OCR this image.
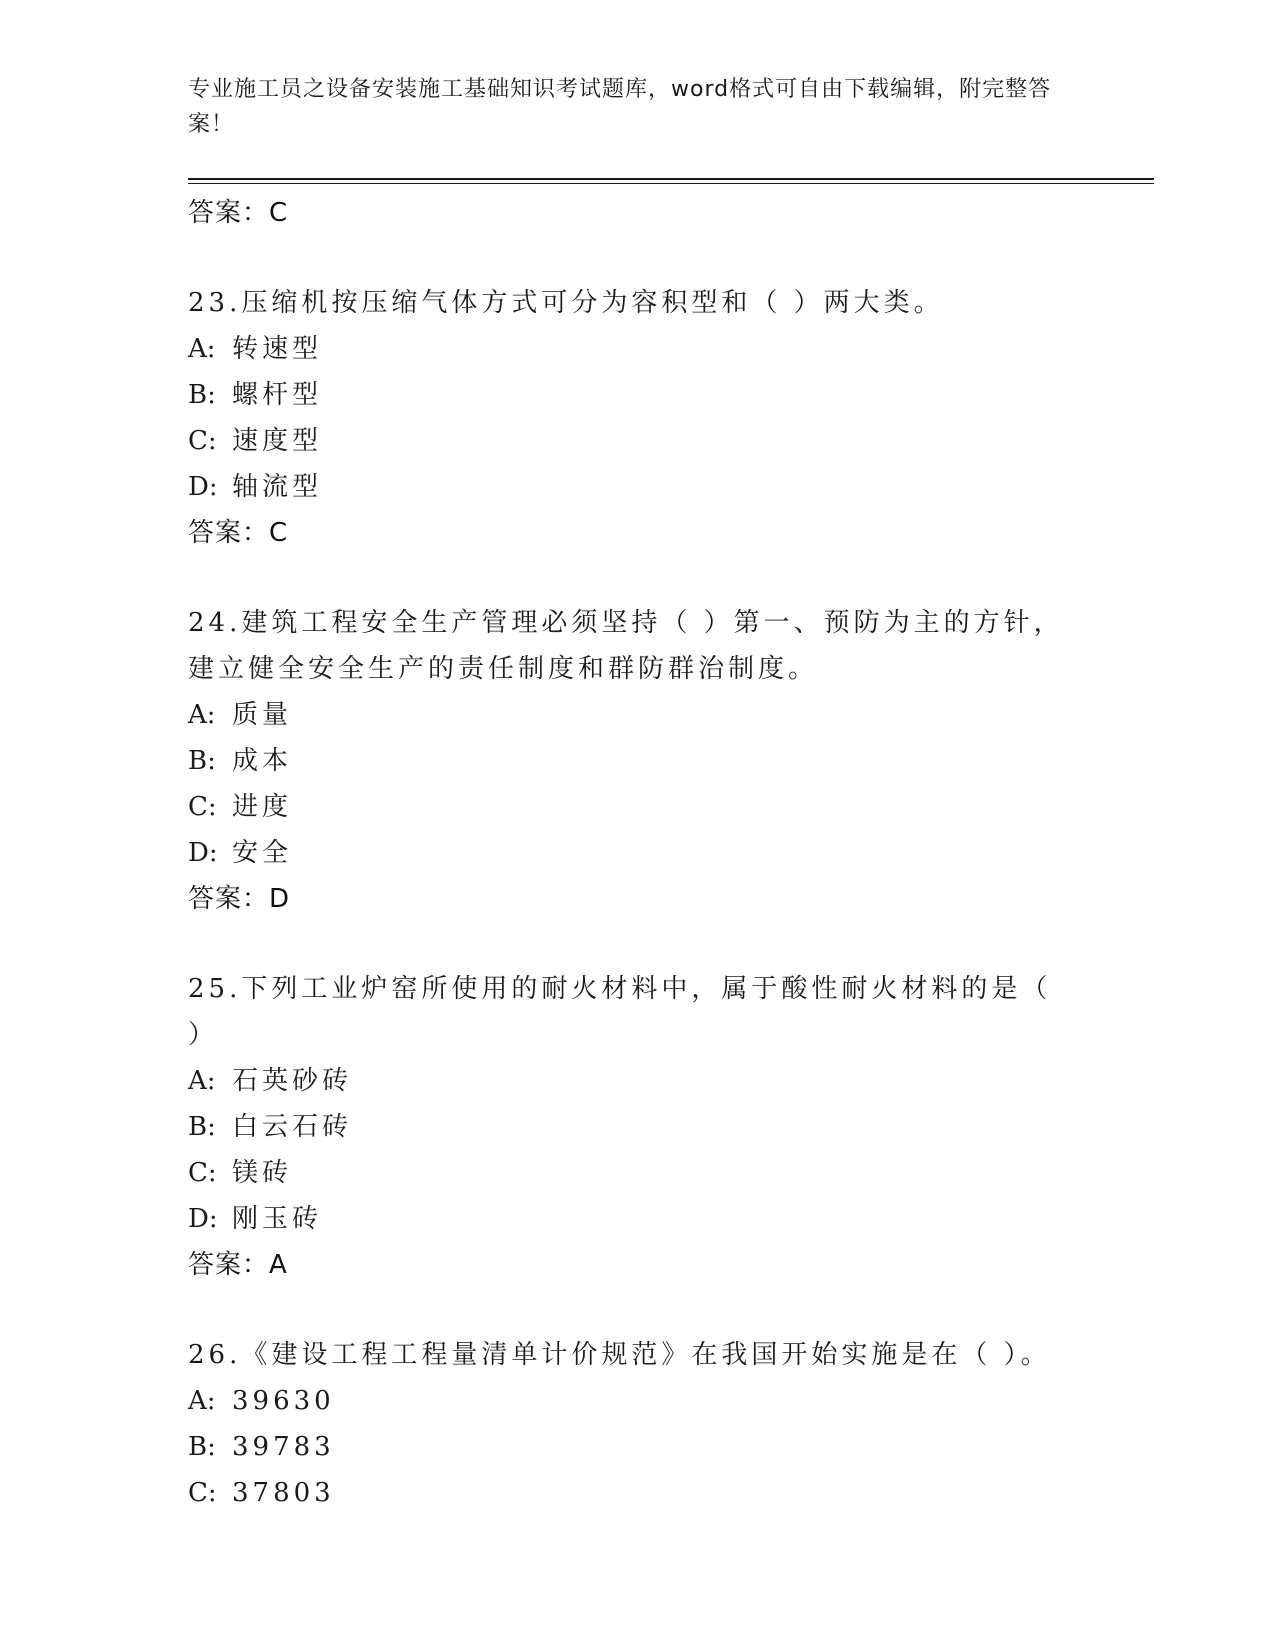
专业施工员之设备安装施工基础知识考试题库，word格式可自由下载编辑，附完整答案！
答案：C
23.压缩机按压缩气体方式可分为容积型和（ ）两大类。
A: 转速型
B: 螺杆型
C: 速度型
D: 轴流型
答案：C
24.建筑工程安全生产管理必须坚持（ ）第一、预防为主的方针，建立健全安全生产的责任制度和群防群治制度。
A: 质量
B: 成本
C: 进度
D: 安全
答案：D
25.下列工业炉窑所使用的耐火材料中，属于酸性耐火材料的是（ ）
A: 石英砂砖
B: 白云石砖
C: 镁砖
D: 刚玉砖
答案：A
26.《建设工程工程量清单计价规范》在我国开始实施是在（ ）。
A: 39630
B: 39783
C: 37803
